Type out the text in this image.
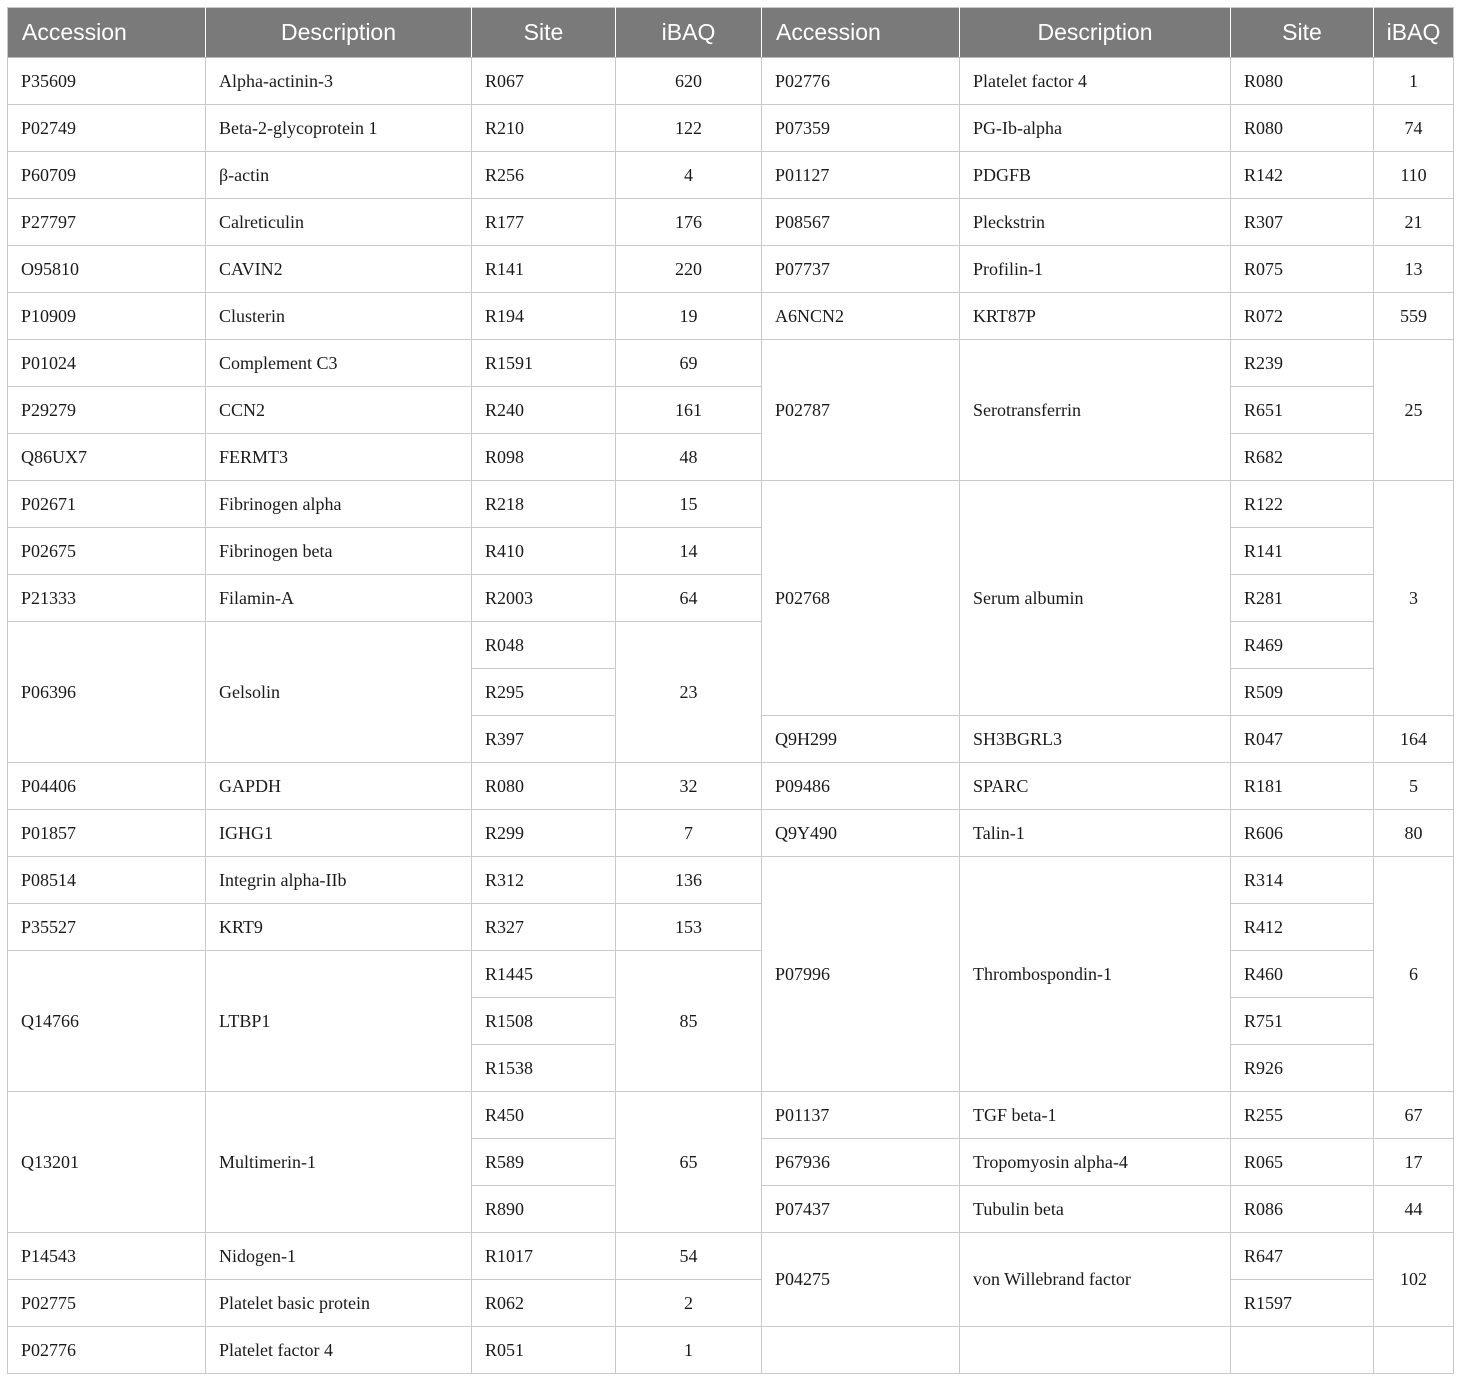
Accession	Description	Site	iBAQ	Accession	Description	Site	iBAQ
P35609	Alpha-actinin-3	R067	620	P02776	Platelet factor 4	R080	1
P02749	Beta-2-glycoprotein 1	R210	122	P07359	PG-Ib-alpha	R080	74
P60709	β-actin	R256	4	P01127	PDGFB	R142	110
P27797	Calreticulin	R177	176	P08567	Pleckstrin	R307	21
O95810	CAVIN2	R141	220	P07737	Profilin-1	R075	13
P10909	Clusterin	R194	19	A6NCN2	KRT87P	R072	559
P01024	Complement C3	R1591	69	P02787	Serotransferrin	R239	25
P29279	CCN2	R240	161			R651	
Q86UX7	FERMT3	R098	48			R682	
P02671	Fibrinogen alpha	R218	15	P02768	Serum albumin	R122	3
P02675	Fibrinogen beta	R410	14			R141	
P21333	Filamin-A	R2003	64			R281	
P06396	Gelsolin	R048	23			R469	
		R295				R509	
		R397		Q9H299	SH3BGRL3	R047	164
P04406	GAPDH	R080	32	P09486	SPARC	R181	5
P01857	IGHG1	R299	7	Q9Y490	Talin-1	R606	80
P08514	Integrin alpha-IIb	R312	136	P07996	Thrombospondin-1	R314	6
P35527	KRT9	R327	153			R412	
Q14766	LTBP1	R1445	85			R460	
		R1508				R751	
		R1538				R926	
Q13201	Multimerin-1	R450	65	P01137	TGF beta-1	R255	67
		R589		P67936	Tropomyosin alpha-4	R065	17
		R890		P07437	Tubulin beta	R086	44
P14543	Nidogen-1	R1017	54	P04275	von Willebrand factor	R647	102
P02775	Platelet basic protein	R062	2			R1597	
P02776	Platelet factor 4	R051	1				
